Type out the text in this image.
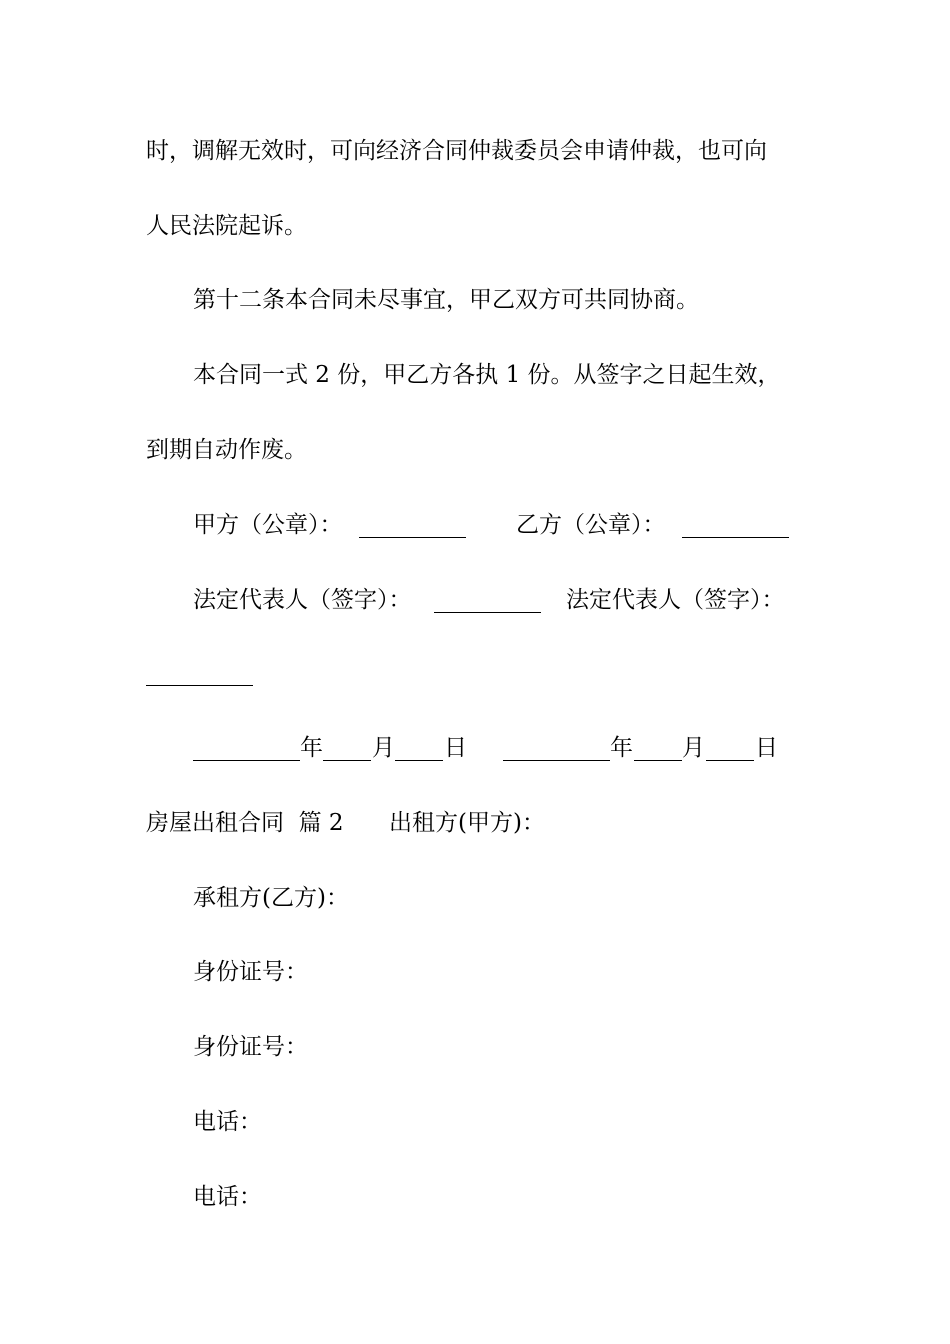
时，调解无效时，可向经济合同仲裁委员会申请仲裁，也可向
人民法院起诉。
第十二条本合同未尽事宜，甲乙双方可共同协商。
本合同一式 2 份，甲乙方各执 1 份。从签字之日起生效，
到期自动作废。
甲方（公章）：	乙方（公章）：
法定代表人（签字）：	法定代表人（签字）：
年 月 日	年 月 日
房屋出租合同  篇 2 出租方(甲方)：
承租方(乙方)：
身份证号：
身份证号：
电话：
电话：
